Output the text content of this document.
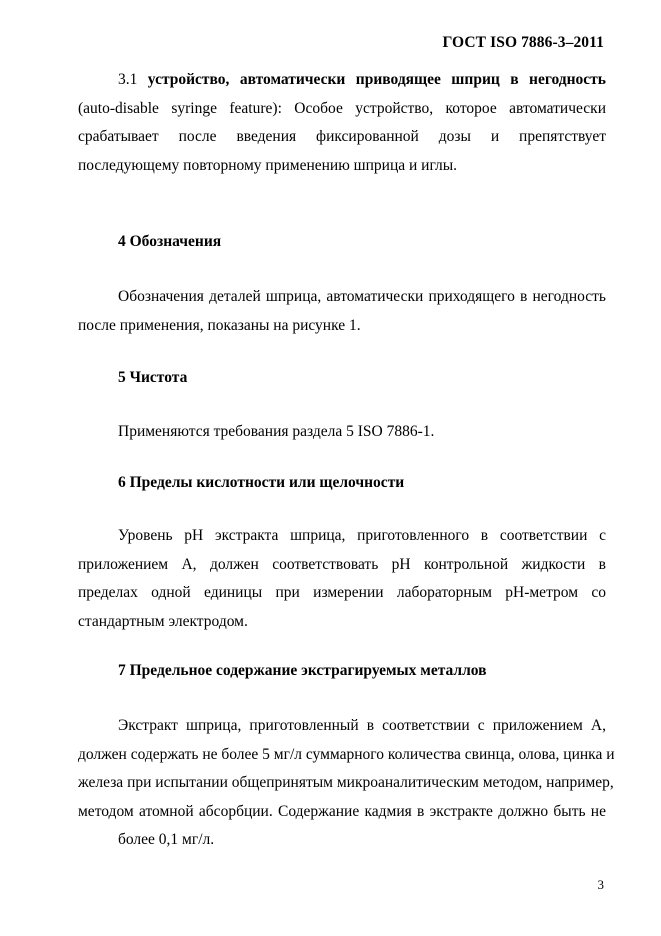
ГОСТ ISO 7886-3–2011
3.1 устройство, автоматически приводящее шприц в негодность
(auto-disable syringe feature): Особое устройство, которое автоматически
срабатывает после введения фиксированной дозы и препятствует
последующему повторному применению шприца и иглы.
4 Обозначения
Обозначения деталей шприца, автоматически приходящего в негодность
после применения, показаны на рисунке 1.
5 Чистота
Применяются требования раздела 5 ISO 7886-1.
6 Пределы кислотности или щелочности
Уровень pH экстракта шприца, приготовленного в соответствии с
приложением А, должен соответствовать pH контрольной жидкости в
пределах одной единицы при измерении лабораторным pH-метром со
стандартным электродом.
7 Предельное содержание экстрагируемых металлов
Экстракт шприца, приготовленный в соответствии с приложением А,
должен содержать не более 5 мг/л суммарного количества свинца, олова, цинка и
железа при испытании общепринятым микроаналитическим методом, например,
методом атомной абсорбции. Содержание кадмия в экстракте должно быть не
более 0,1 мг/л.
3
